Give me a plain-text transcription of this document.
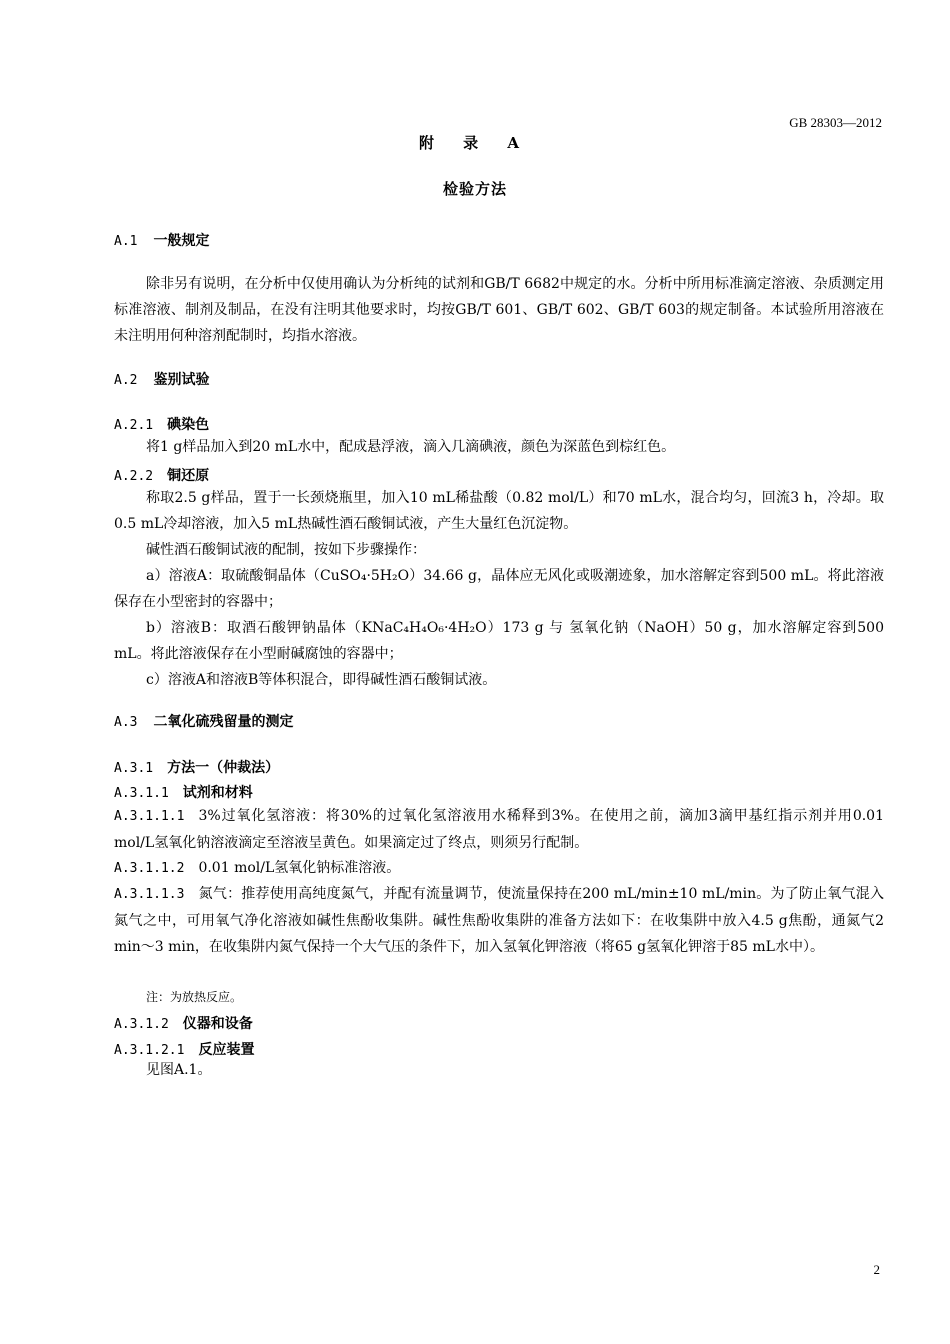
GB 28303—2012
附 录 A
检验方法
A.1 一般规定
除非另有说明，在分析中仅使用确认为分析纯的试剂和GB/T 6682中规定的水。分析中所用标准滴定溶液、杂质测定用标准溶液、制剂及制品，在没有注明其他要求时，均按GB/T 601、GB/T 602、GB/T 603的规定制备。本试验所用溶液在未注明用何种溶剂配制时，均指水溶液。
A.2 鉴别试验
A.2.1 碘染色
将1 g样品加入到20 mL水中，配成悬浮液，滴入几滴碘液，颜色为深蓝色到棕红色。
A.2.2 铜还原
称取2.5 g样品，置于一长颈烧瓶里，加入10 mL稀盐酸（0.82 mol/L）和70 mL水，混合均匀，回流3 h，冷却。取0.5 mL冷却溶液，加入5 mL热碱性酒石酸铜试液，产生大量红色沉淀物。
碱性酒石酸铜试液的配制，按如下步骤操作：
a）溶液A：取硫酸铜晶体（CuSO₄·5H₂O）34.66 g，晶体应无风化或吸潮迹象，加水溶解定容到500 mL。将此溶液保存在小型密封的容器中；
b）溶液B：取酒石酸钾钠晶体（KNaC₄H₄O₆·4H₂O）173 g 与 氢氧化钠（NaOH）50 g，加水溶解定容到500 mL。将此溶液保存在小型耐碱腐蚀的容器中；
c）溶液A和溶液B等体积混合，即得碱性酒石酸铜试液。
A.3 二氧化硫残留量的测定
A.3.1 方法一（仲裁法）
A.3.1.1 试剂和材料
A.3.1.1.1 3%过氧化氢溶液：将30%的过氧化氢溶液用水稀释到3%。在使用之前，滴加3滴甲基红指示剂并用0.01 mol/L氢氧化钠溶液滴定至溶液呈黄色。如果滴定过了终点，则须另行配制。
A.3.1.1.2 0.01 mol/L氢氧化钠标准溶液。
A.3.1.1.3 氮气：推荐使用高纯度氮气，并配有流量调节，使流量保持在200 mL/min±10 mL/min。为了防止氧气混入氮气之中，可用氧气净化溶液如碱性焦酚收集阱。碱性焦酚收集阱的准备方法如下：在收集阱中放入4.5 g焦酚，通氮气2 min～3 min，在收集阱内氮气保持一个大气压的条件下，加入氢氧化钾溶液（将65 g氢氧化钾溶于85 mL水中）。
注：为放热反应。
A.3.1.2 仪器和设备
A.3.1.2.1 反应装置
见图A.1。
2
